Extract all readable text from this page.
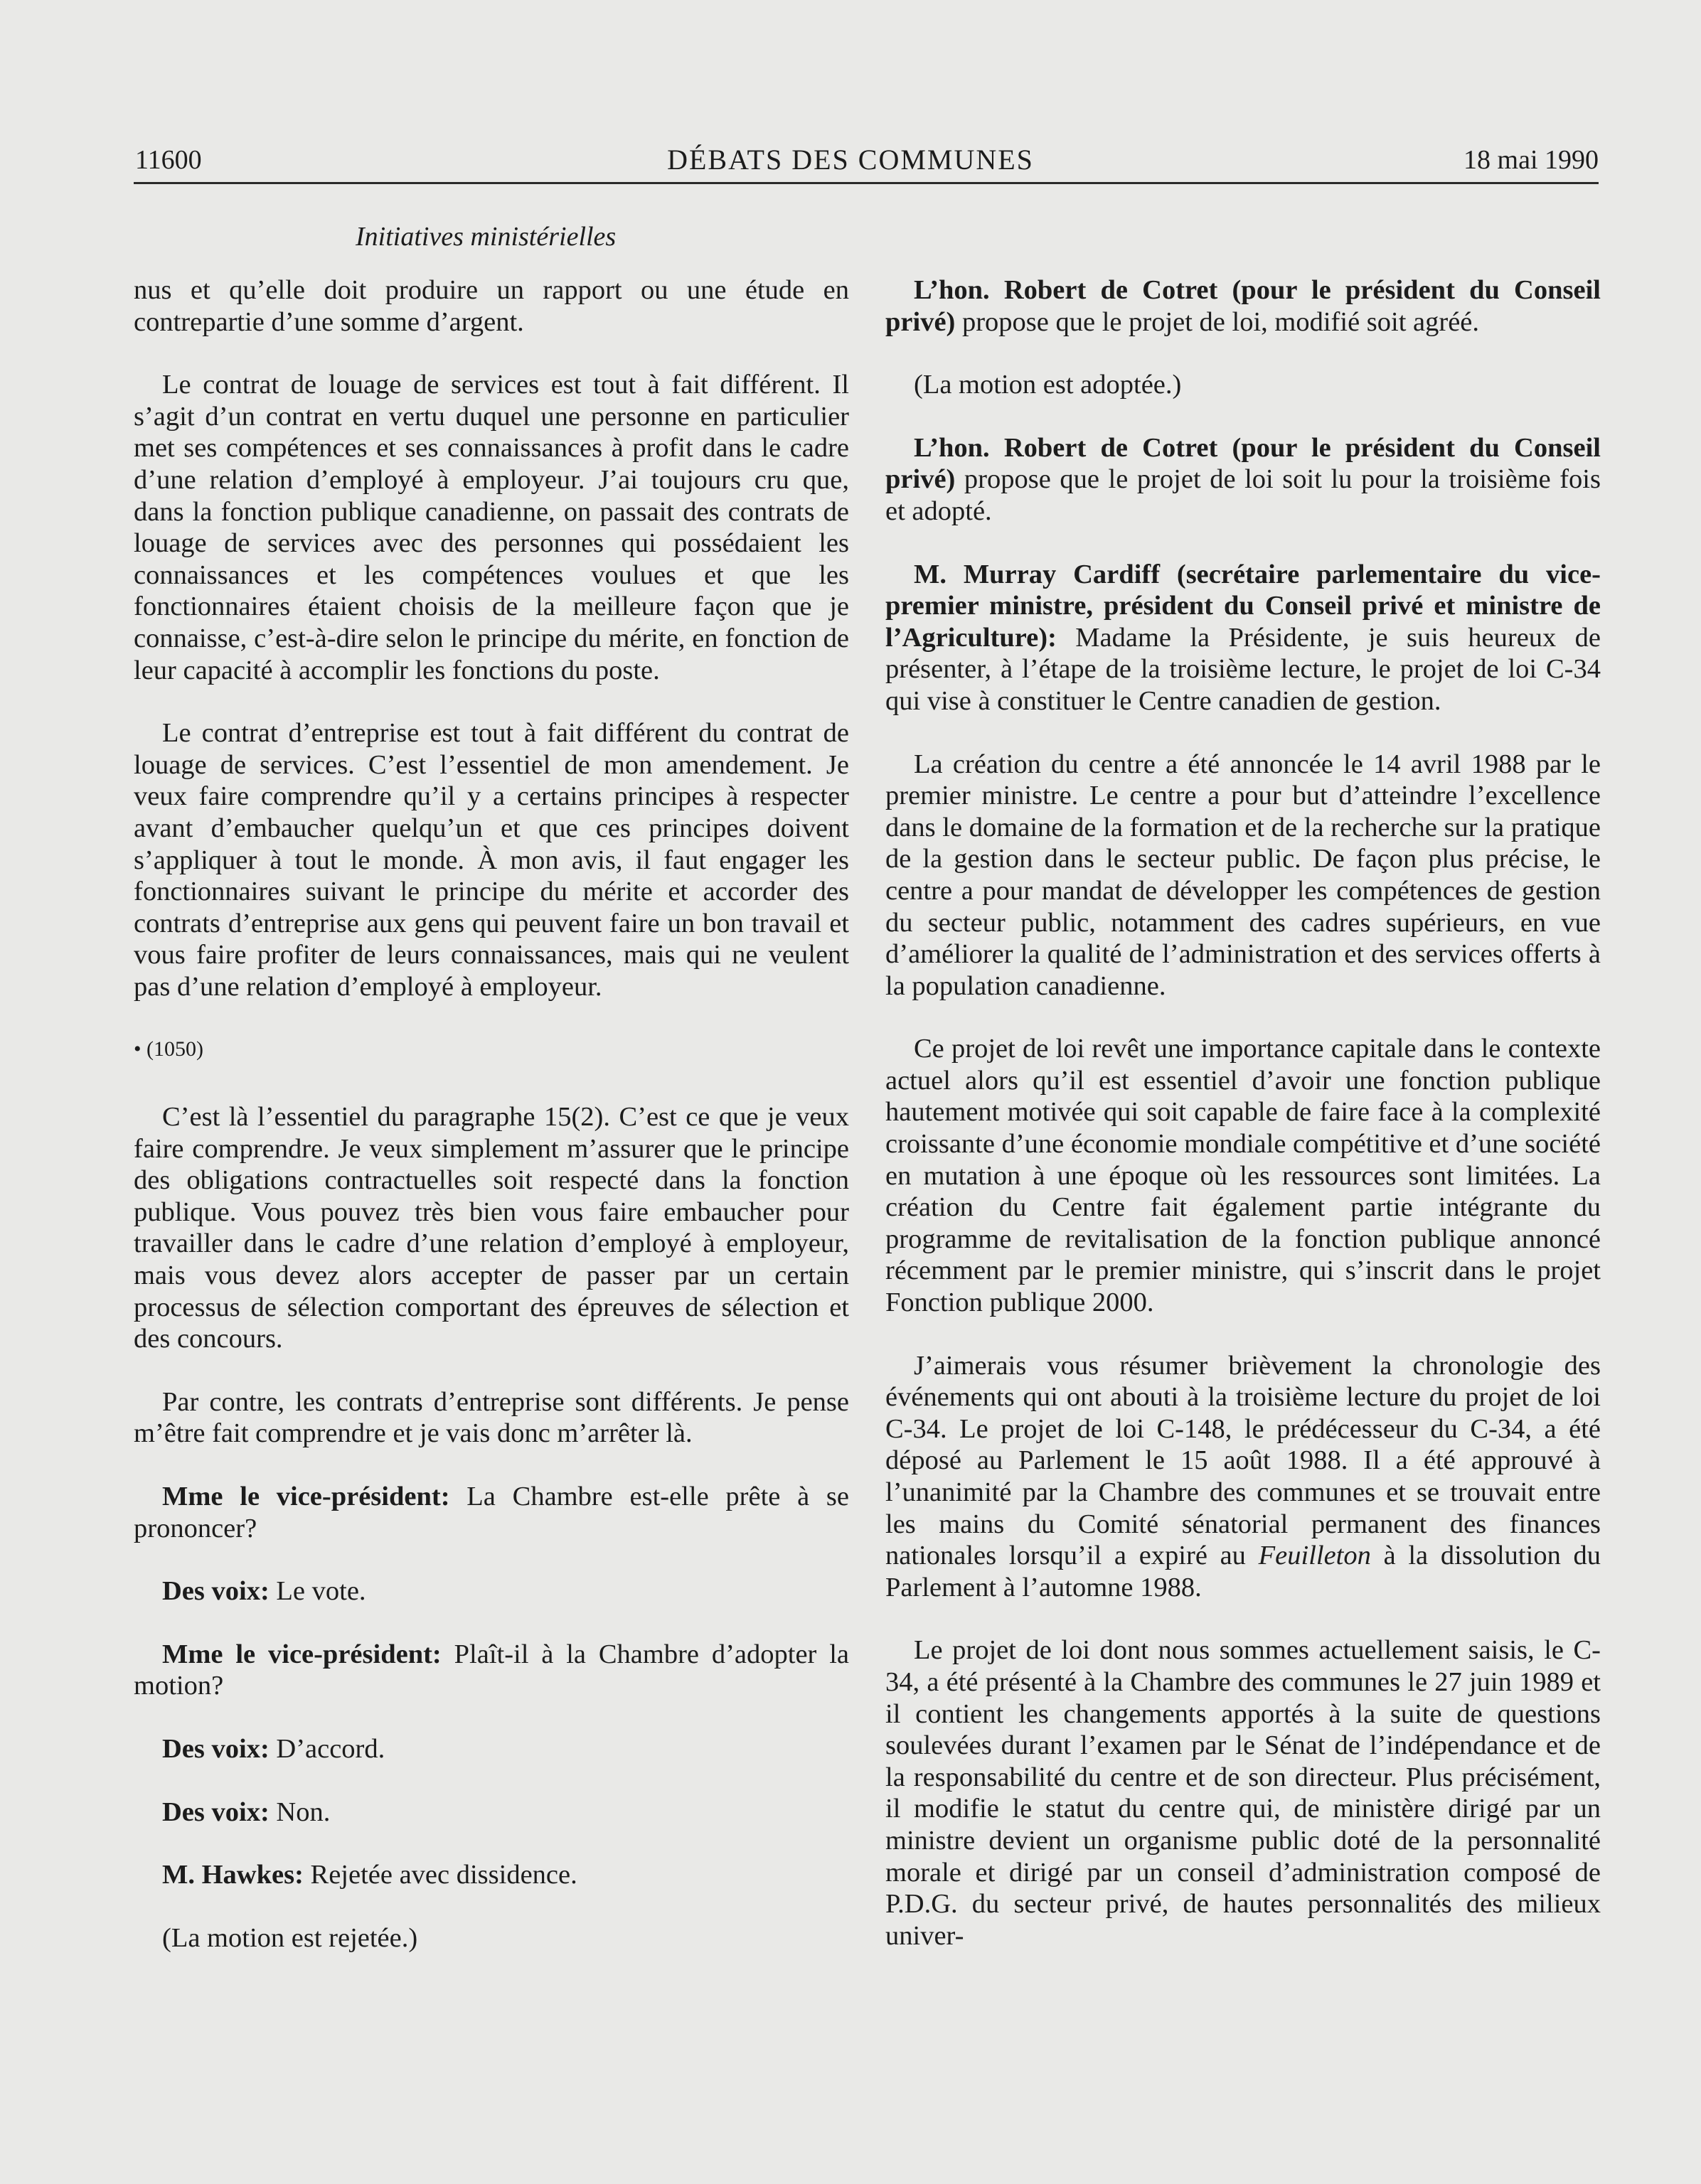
11600	DÉBATS DES COMMUNES	18 mai 1990
Initiatives ministérielles

nus et qu’elle doit produire un rapport ou une étude en contrepartie d’une somme d’argent.

Le contrat de louage de services est tout à fait différent. Il s’agit d’un contrat en vertu duquel une personne en particulier met ses compétences et ses connaissances à profit dans le cadre d’une relation d’employé à employeur. J’ai toujours cru que, dans la fonction publique canadienne, on passait des contrats de louage de services avec des personnes qui possédaient les connaissances et les compétences voulues et que les fonctionnaires étaient choisis de la meilleure façon que je connaisse, c’est-à-dire selon le principe du mérite, en fonction de leur capacité à accomplir les fonctions du poste.

Le contrat d’entreprise est tout à fait différent du contrat de louage de services. C’est l’essentiel de mon amendement. Je veux faire comprendre qu’il y a certains principes à respecter avant d’embaucher quelqu’un et que ces principes doivent s’appliquer à tout le monde. À mon avis, il faut engager les fonctionnaires suivant le principe du mérite et accorder des contrats d’entreprise aux gens qui peuvent faire un bon travail et vous faire profiter de leurs connaissances, mais qui ne veulent pas d’une relation d’employé à employeur.

• (1050)

C’est là l’essentiel du paragraphe 15(2). C’est ce que je veux faire comprendre. Je veux simplement m’assurer que le principe des obligations contractuelles soit respecté dans la fonction publique. Vous pouvez très bien vous faire embaucher pour travailler dans le cadre d’une relation d’employé à employeur, mais vous devez alors accepter de passer par un certain processus de sélection comportant des épreuves de sélection et des concours.

Par contre, les contrats d’entreprise sont différents. Je pense m’être fait comprendre et je vais donc m’arrêter là.

Mme le vice-président: La Chambre est-elle prête à se prononcer?

Des voix: Le vote.

Mme le vice-président: Plaît-il à la Chambre d’adopter la motion?

Des voix: D’accord.

Des voix: Non.

M. Hawkes: Rejetée avec dissidence.

(La motion est rejetée.)

L’hon. Robert de Cotret (pour le président du Conseil privé) propose que le projet de loi, modifié soit agréé.

(La motion est adoptée.)

L’hon. Robert de Cotret (pour le président du Conseil privé) propose que le projet de loi soit lu pour la troisième fois et adopté.

M. Murray Cardiff (secrétaire parlementaire du vice-premier ministre, président du Conseil privé et ministre de l’Agriculture): Madame la Présidente, je suis heureux de présenter, à l’étape de la troisième lecture, le projet de loi C-34 qui vise à constituer le Centre canadien de gestion.

La création du centre a été annoncée le 14 avril 1988 par le premier ministre. Le centre a pour but d’atteindre l’excellence dans le domaine de la formation et de la recherche sur la pratique de la gestion dans le secteur public. De façon plus précise, le centre a pour mandat de développer les compétences de gestion du secteur public, notamment des cadres supérieurs, en vue d’améliorer la qualité de l’administration et des services offerts à la population canadienne.

Ce projet de loi revêt une importance capitale dans le contexte actuel alors qu’il est essentiel d’avoir une fonction publique hautement motivée qui soit capable de faire face à la complexité croissante d’une économie mondiale compétitive et d’une société en mutation à une époque où les ressources sont limitées. La création du Centre fait également partie intégrante du programme de revitalisation de la fonction publique annoncé récemment par le premier ministre, qui s’inscrit dans le projet Fonction publique 2000.

J’aimerais vous résumer brièvement la chronologie des événements qui ont abouti à la troisième lecture du projet de loi C-34. Le projet de loi C-148, le prédécesseur du C-34, a été déposé au Parlement le 15 août 1988. Il a été approuvé à l’unanimité par la Chambre des communes et se trouvait entre les mains du Comité sénatorial permanent des finances nationales lorsqu’il a expiré au Feuilleton à la dissolution du Parlement à l’automne 1988.

Le projet de loi dont nous sommes actuellement saisis, le C-34, a été présenté à la Chambre des communes le 27 juin 1989 et il contient les changements apportés à la suite de questions soulevées durant l’examen par le Sénat de l’indépendance et de la responsabilité du centre et de son directeur. Plus précisément, il modifie le statut du centre qui, de ministère dirigé par un ministre devient un organisme public doté de la personnalité morale et dirigé par un conseil d’administration composé de P.D.G. du secteur privé, de hautes personnalités des milieux univer-
